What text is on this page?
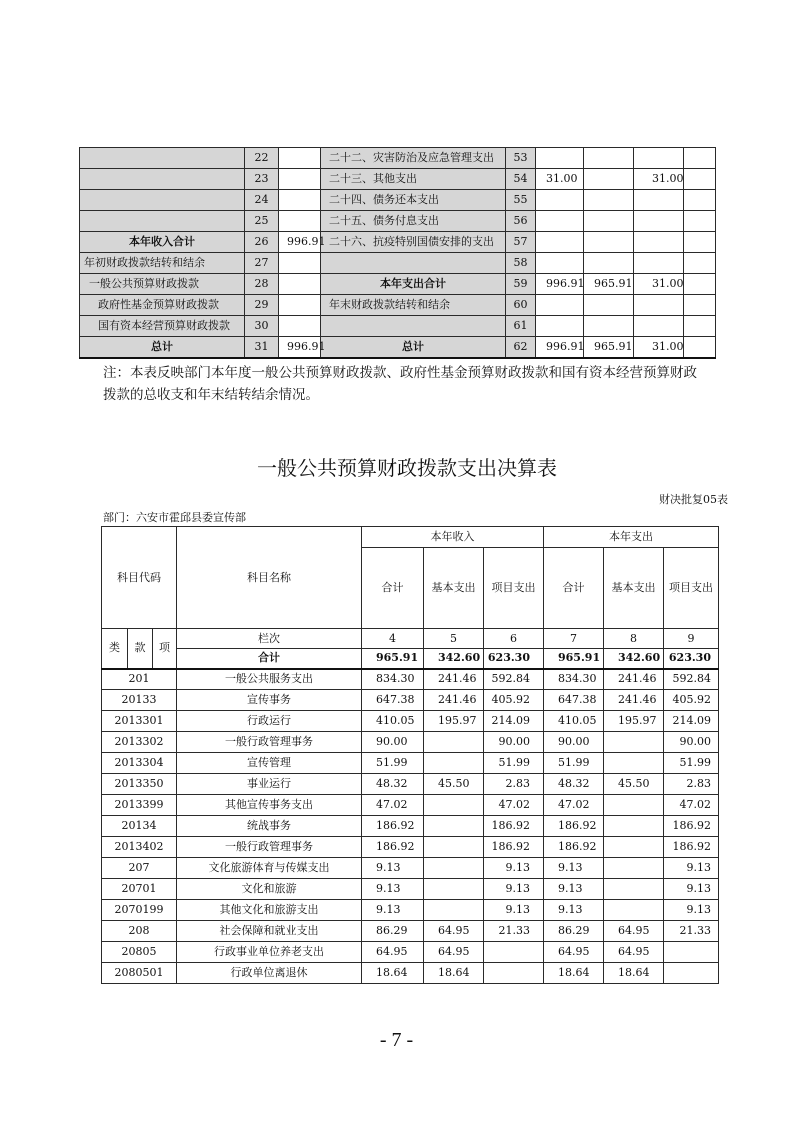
	22		二十二、灾害防治及应急管理支出	53				
	23		二十三、其他支出	54	31.00		31.00	
	24		二十四、债务还本支出	55				
	25		二十五、债务付息支出	56				
本年收入合计	26	996.91	二十六、抗疫特别国债安排的支出	57				
年初财政拨款结转和结余	27			58				
一般公共预算财政拨款	28		本年支出合计	59	996.91	965.91	31.00	
政府性基金预算财政拨款	29		年末财政拨款结转和结余	60				
国有资本经营预算财政拨款	30			61				
总计	31	996.91	总计	62	996.91	965.91	31.00	
注：本表反映部门本年度一般公共预算财政拨款、政府性基金预算财政拨款和国有资本经营预算财政
拨款的总收支和年末结转结余情况。
一般公共预算财政拨款支出决算表
财决批复05表
部门：六安市霍邱县委宣传部
科目代码			科目名称	本年收入			本年支出		
				合计	基本支出	项目支出	合计	基本支出	项目支出
类	款	项	栏次	4	5	6	7	8	9
			合计	965.91	342.60	623.30	965.91	342.60	623.30
201			一般公共服务支出	834.30	241.46	592.84	834.30	241.46	592.84
20133			宣传事务	647.38	241.46	405.92	647.38	241.46	405.92
2013301			行政运行	410.05	195.97	214.09	410.05	195.97	214.09
2013302			一般行政管理事务	90.00		90.00	90.00		90.00
2013304			宣传管理	51.99		51.99	51.99		51.99
2013350			事业运行	48.32	45.50	2.83	48.32	45.50	2.83
2013399			其他宣传事务支出	47.02		47.02	47.02		47.02
20134			统战事务	186.92		186.92	186.92		186.92
2013402			一般行政管理事务	186.92		186.92	186.92		186.92
207			文化旅游体育与传媒支出	9.13		9.13	9.13		9.13
20701			文化和旅游	9.13		9.13	9.13		9.13
2070199			其他文化和旅游支出	9.13		9.13	9.13		9.13
208			社会保障和就业支出	86.29	64.95	21.33	86.29	64.95	21.33
20805			行政事业单位养老支出	64.95	64.95		64.95	64.95	
2080501			行政单位离退休	18.64	18.64		18.64	18.64	
- 7 -
